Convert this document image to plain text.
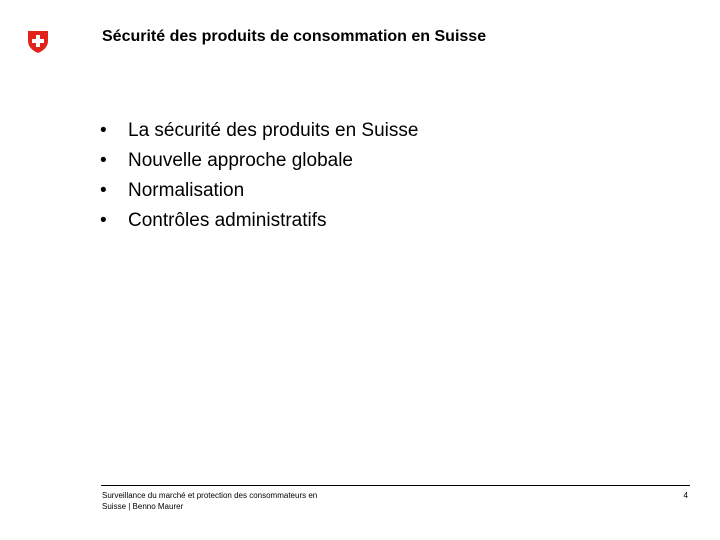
Sécurité des produits de consommation en Suisse
• La sécurité des produits en Suisse
• Nouvelle approche globale
• Normalisation
• Contrôles administratifs
Surveillance du marché et protection des consommateurs en
Suisse | Benno Maurer
4
